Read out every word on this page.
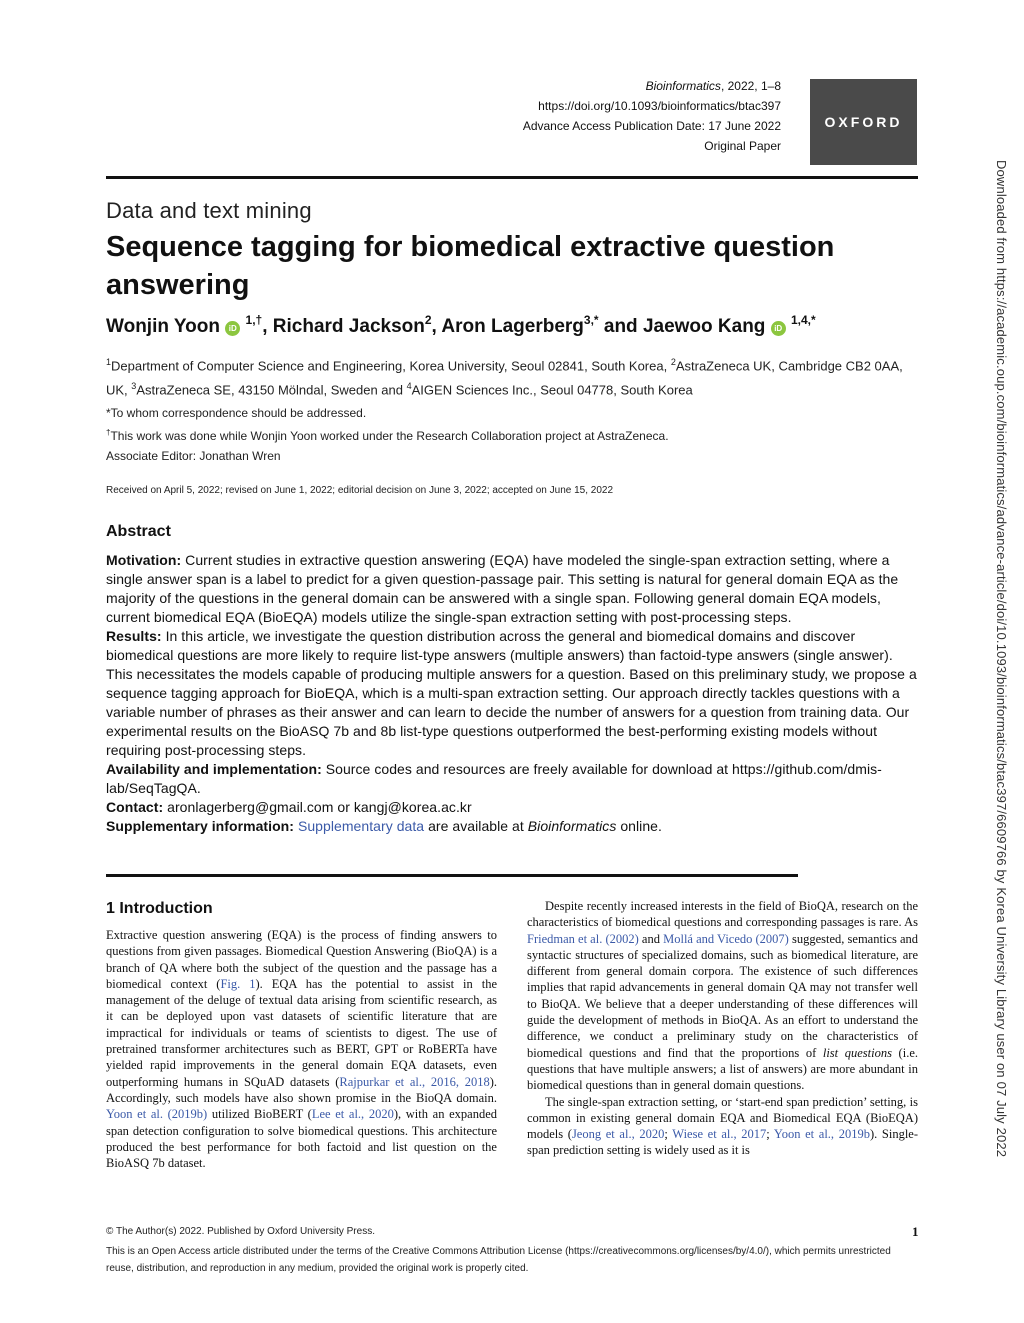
Bioinformatics, 2022, 1–8
https://doi.org/10.1093/bioinformatics/btac397
Advance Access Publication Date: 17 June 2022
Original Paper
OXFORD
Data and text mining
Sequence tagging for biomedical extractive question answering
Wonjin Yoon iD $^{1,\dagger}$, Richard Jackson$^2$, Aron Lagerberg$^{3,*}$ and Jaewoo Kang iD $^{1,4,*}$
$^1$Department of Computer Science and Engineering, Korea University, Seoul 02841, South Korea, $^2$AstraZeneca UK, Cambridge CB2 0AA, UK, $^3$AstraZeneca SE, 43150 Mölndal, Sweden and $^4$AIGEN Sciences Inc., Seoul 04778, South Korea
*To whom correspondence should be addressed.
†This work was done while Wonjin Yoon worked under the Research Collaboration project at AstraZeneca.
Associate Editor: Jonathan Wren
Received on April 5, 2022; revised on June 1, 2022; editorial decision on June 3, 2022; accepted on June 15, 2022
Abstract

Motivation: Current studies in extractive question answering (EQA) have modeled the single-span extraction setting, where a single answer span is a label to predict for a given question-passage pair. This setting is natural for general domain EQA as the majority of the questions in the general domain can be answered with a single span. Following general domain EQA models, current biomedical EQA (BioEQA) models utilize the single-span extraction setting with post-processing steps.

Results: In this article, we investigate the question distribution across the general and biomedical domains and discover biomedical questions are more likely to require list-type answers (multiple answers) than factoid-type answers (single answer). This necessitates the models capable of producing multiple answers for a question. Based on this preliminary study, we propose a sequence tagging approach for BioEQA, which is a multi-span extraction setting. Our approach directly tackles questions with a variable number of phrases as their answer and can learn to decide the number of answers for a question from training data. Our experimental results on the BioASQ 7b and 8b list-type questions outperformed the best-performing existing models without requiring post-processing steps.

Availability and implementation: Source codes and resources are freely available for download at https://github.com/dmis-lab/SeqTagQA.

Contact: aronlagerberg@gmail.com or kangj@korea.ac.kr

Supplementary information: Supplementary data are available at Bioinformatics online.

1 Introduction

Extractive question answering (EQA) is the process of finding answers to questions from given passages. Biomedical Question Answering (BioQA) is a branch of QA where both the subject of the question and the passage has a biomedical context (Fig. 1). EQA has the potential to assist in the management of the deluge of textual data arising from scientific research, as it can be deployed upon vast datasets of scientific literature that are impractical for individuals or teams of scientists to digest. The use of pretrained transformer architectures such as BERT, GPT or RoBERTa have yielded rapid improvements in the general domain EQA datasets, even outperforming humans in SQuAD datasets (Rajpurkar et al., 2016, 2018). Accordingly, such models have also shown promise in the BioQA domain. Yoon et al. (2019b) utilized BioBERT (Lee et al., 2020), with an expanded span detection configuration to solve biomedical questions. This architecture produced the best performance for both factoid and list question on the BioASQ 7b dataset.

Despite recently increased interests in the field of BioQA, research on the characteristics of biomedical questions and corresponding passages is rare. As Friedman et al. (2002) and Mollá and Vicedo (2007) suggested, semantics and syntactic structures of specialized domains, such as biomedical literature, are different from general domain corpora. The existence of such differences implies that rapid advancements in general domain QA may not transfer well to BioQA. We believe that a deeper understanding of these differences will guide the development of methods in BioQA. As an effort to understand the difference, we conduct a preliminary study on the characteristics of biomedical questions and find that the proportions of list questions (i.e. questions that have multiple answers; a list of answers) are more abundant in biomedical questions than in general domain questions.

The single-span extraction setting, or ‘start-end span prediction’ setting, is common in existing general domain EQA and Biomedical EQA (BioEQA) models (Jeong et al., 2020; Wiese et al., 2017; Yoon et al., 2019b). Single-span prediction setting is widely used as it is

© The Author(s) 2022. Published by Oxford University Press.	1
This is an Open Access article distributed under the terms of the Creative Commons Attribution License (https://creativecommons.org/licenses/by/4.0/), which permits unrestricted reuse, distribution, and reproduction in any medium, provided the original work is properly cited.
Downloaded from https://academic.oup.com/bioinformatics/advance-article/doi/10.1093/bioinformatics/btac397/6609766 by Korea University Library user on 07 July 2022
